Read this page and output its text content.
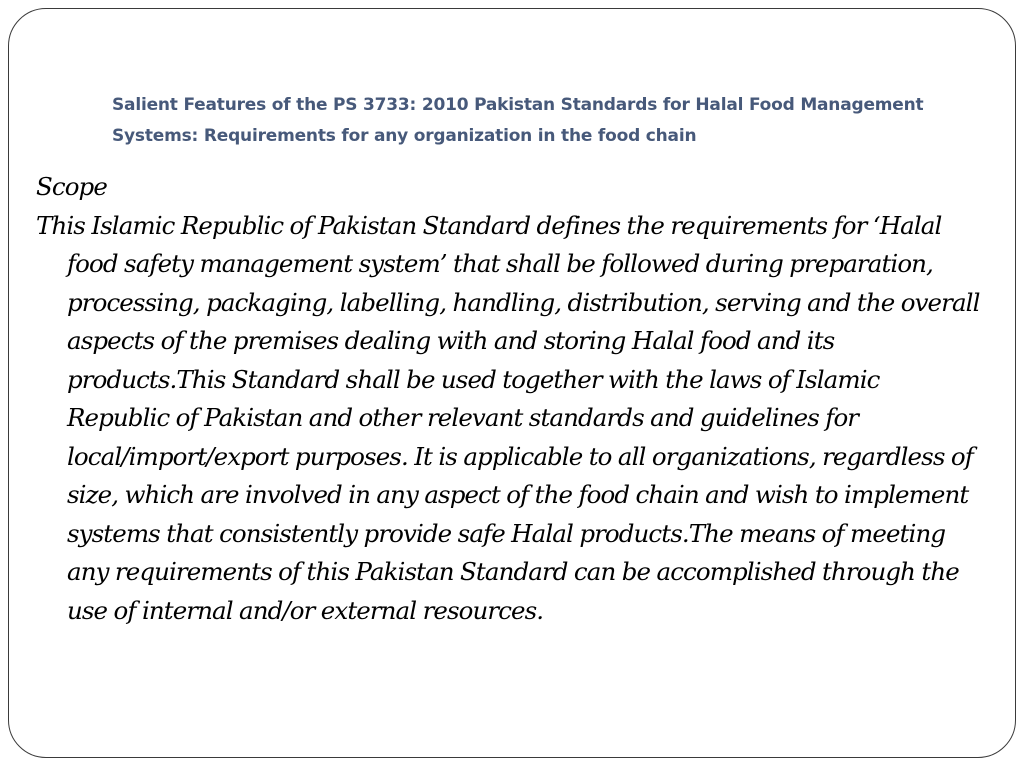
Salient Features of the PS 3733: 2010 Pakistan Standards for Halal Food Management Systems: Requirements for any organization in the food chain

Scope

This Islamic Republic of Pakistan Standard defines the requirements for ‘Halal food safety management system’ that shall be followed during preparation, processing, packaging, labelling, handling, distribution, serving and the overall aspects of the premises dealing with and storing Halal food and its products.This Standard shall be used together with the laws of Islamic Republic of Pakistan and other relevant standards and guidelines for local/import/export purposes. It is applicable to all organizations, regardless of size, which are involved in any aspect of the food chain and wish to implement systems that consistently provide safe Halal products.The means of meeting any requirements of this Pakistan Standard can be accomplished through the use of internal and/or external resources.
